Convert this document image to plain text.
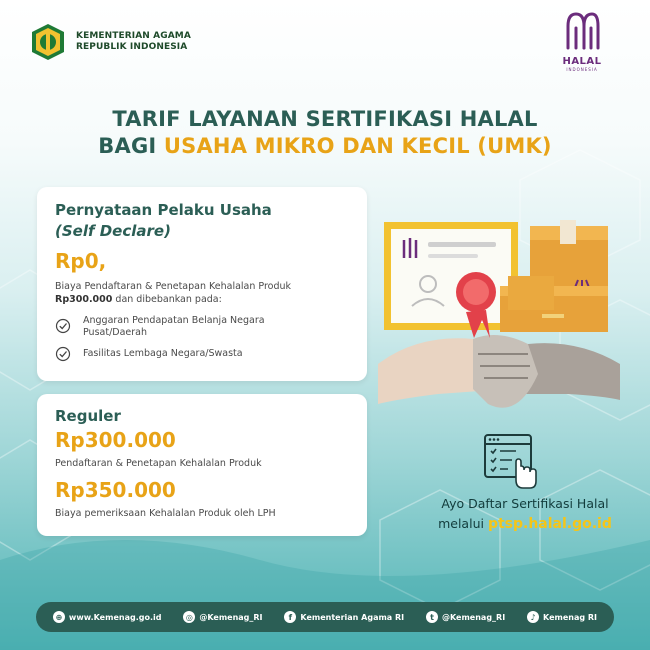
KEMENTERIAN AGAMA
REPUBLIK INDONESIA
HALAL
INDONESIA
TARIF LAYANAN SERTIFIKASI HALAL
BAGI USAHA MIKRO DAN KECIL (UMK)
Pernyataan Pelaku Usaha
(Self Declare)
Rp0,
Biaya Pendaftaran & Penetapan Kehalalan Produk
Rp300.000 dan dibebankan pada:
Anggaran Pendapatan Belanja Negara
Pusat/Daerah
Fasilitas Lembaga Negara/Swasta
Reguler
Rp300.000
Pendaftaran & Penetapan Kehalalan Produk
Rp350.000
Biaya pemeriksaan Kehalalan Produk oleh LPH
Ayo Daftar Sertifikasi Halal
melalui ptsp.halal.go.id
⊕ www.Kemenag.go.id	◎ @Kemenag_RI	f	Kementerian Agama RI	t	@Kemenag_RI	♪ Kemenag RI
